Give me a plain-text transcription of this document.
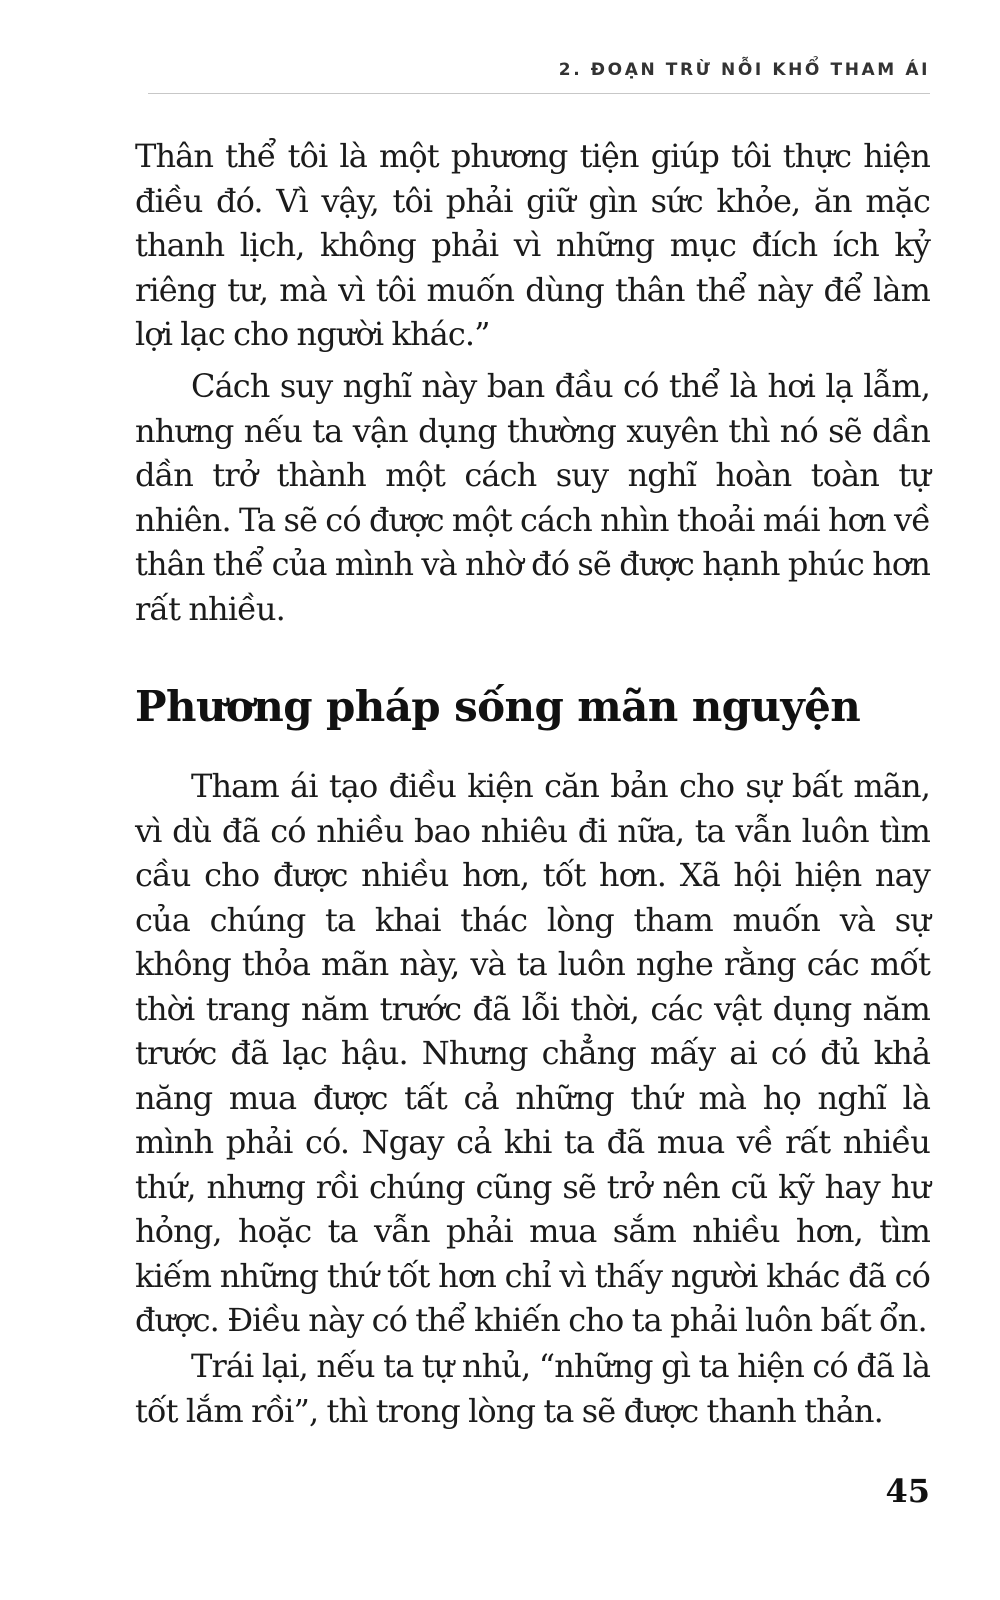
2. ĐOẠN TRỪ NỖI KHỔ THAM ÁI

Thân thể tôi là một phương tiện giúp tôi thực hiện điều đó. Vì vậy, tôi phải giữ gìn sức khỏe, ăn mặc thanh lịch, không phải vì những mục đích ích kỷ riêng tư, mà vì tôi muốn dùng thân thể này để làm lợi lạc cho người khác.”

Cách suy nghĩ này ban đầu có thể là hơi lạ lẫm, nhưng nếu ta vận dụng thường xuyên thì nó sẽ dần dần trở thành một cách suy nghĩ hoàn toàn tự nhiên. Ta sẽ có được một cách nhìn thoải mái hơn về thân thể của mình và nhờ đó sẽ được hạnh phúc hơn rất nhiều.

Phương pháp sống mãn nguyện

Tham ái tạo điều kiện căn bản cho sự bất mãn, vì dù đã có nhiều bao nhiêu đi nữa, ta vẫn luôn tìm cầu cho được nhiều hơn, tốt hơn. Xã hội hiện nay của chúng ta khai thác lòng tham muốn và sự không thỏa mãn này, và ta luôn nghe rằng các mốt thời trang năm trước đã lỗi thời, các vật dụng năm trước đã lạc hậu. Nhưng chẳng mấy ai có đủ khả năng mua được tất cả những thứ mà họ nghĩ là mình phải có. Ngay cả khi ta đã mua về rất nhiều thứ, nhưng rồi chúng cũng sẽ trở nên cũ kỹ hay hư hỏng, hoặc ta vẫn phải mua sắm nhiều hơn, tìm kiếm những thứ tốt hơn chỉ vì thấy người khác đã có được. Điều này có thể khiến cho ta phải luôn bất ổn.

Trái lại, nếu ta tự nhủ, “những gì ta hiện có đã là tốt lắm rồi”, thì trong lòng ta sẽ được thanh thản.

45
